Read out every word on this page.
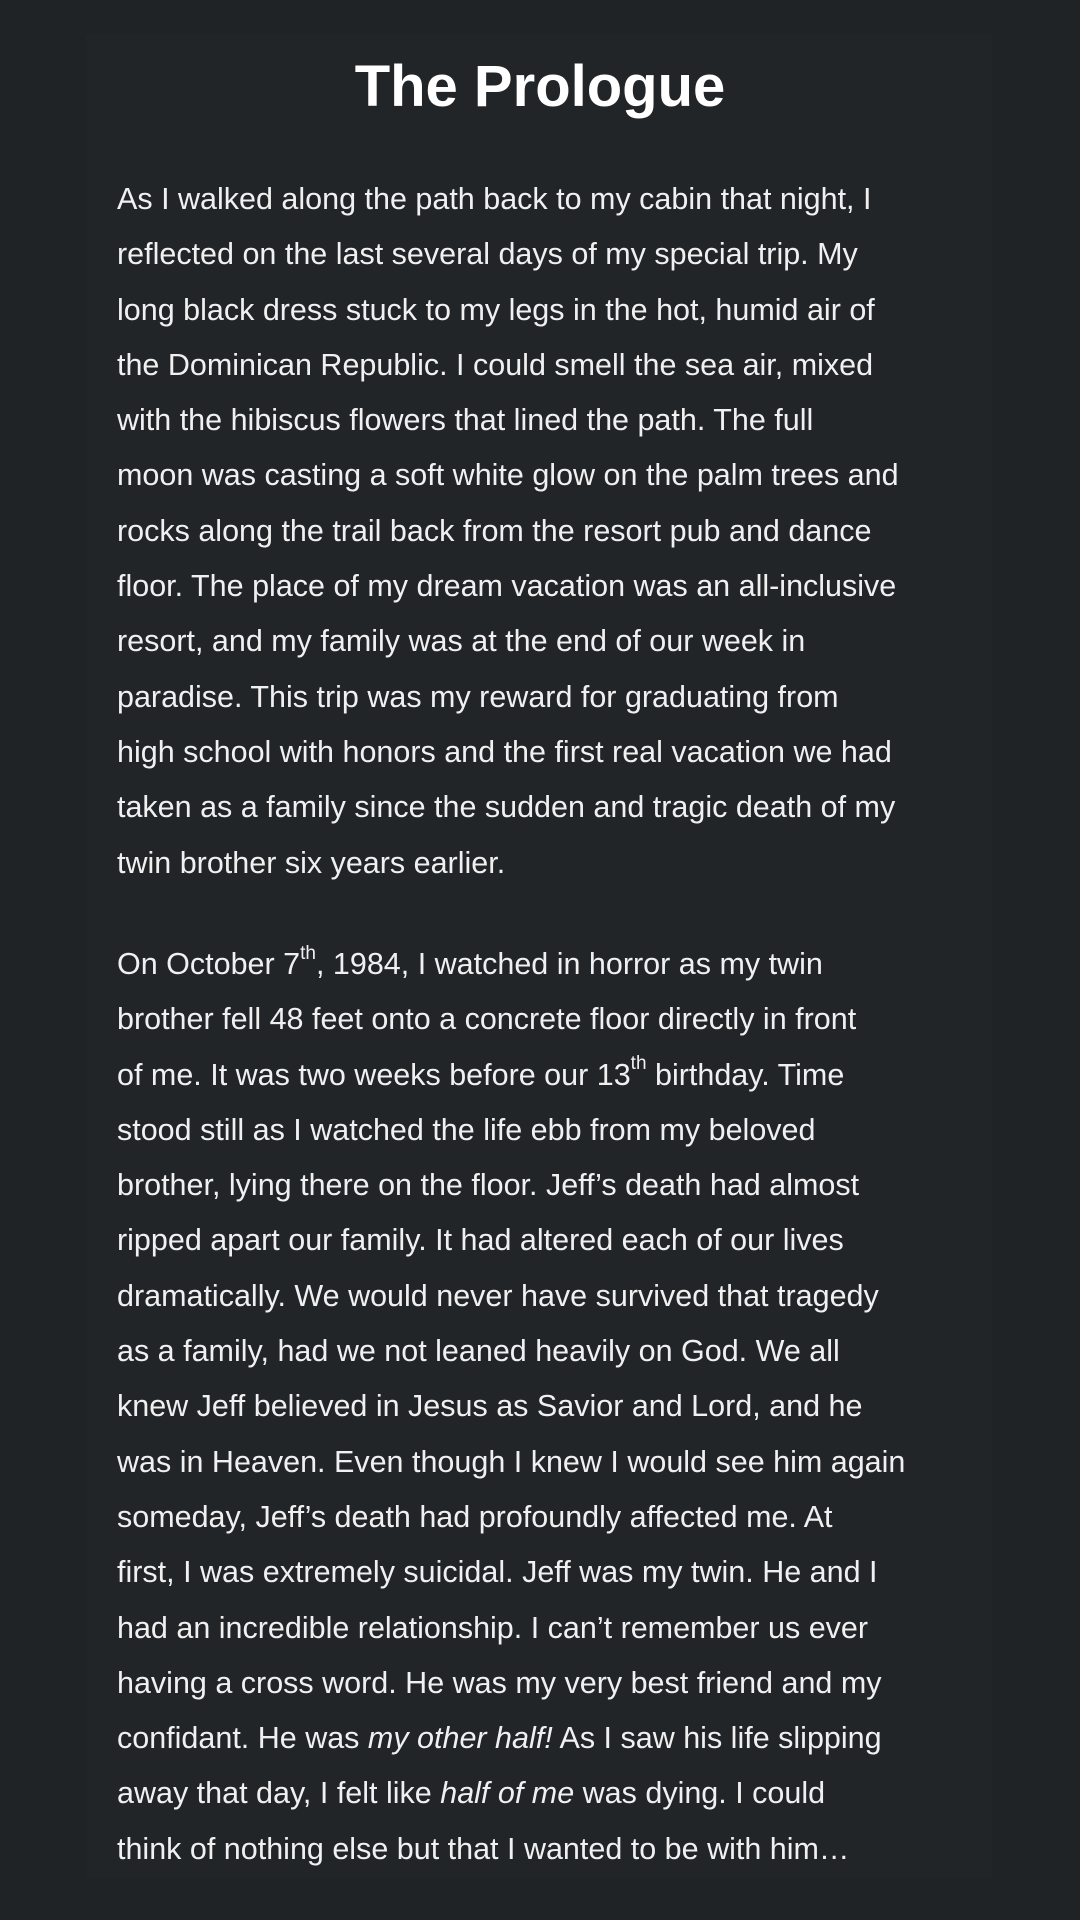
The Prologue
As I walked along the path back to my cabin that night, I
reflected on the last several days of my special trip. My
long black dress stuck to my legs in the hot, humid air of
the Dominican Republic. I could smell the sea air, mixed
with the hibiscus flowers that lined the path. The full
moon was casting a soft white glow on the palm trees and
rocks along the trail back from the resort pub and dance
floor. The place of my dream vacation was an all-inclusive
resort, and my family was at the end of our week in
paradise. This trip was my reward for graduating from
high school with honors and the first real vacation we had
taken as a family since the sudden and tragic death of my
twin brother six years earlier.
On October 7th, 1984, I watched in horror as my twin
brother fell 48 feet onto a concrete floor directly in front
of me. It was two weeks before our 13th birthday. Time
stood still as I watched the life ebb from my beloved
brother, lying there on the floor. Jeff’s death had almost
ripped apart our family. It had altered each of our lives
dramatically. We would never have survived that tragedy
as a family, had we not leaned heavily on God. We all
knew Jeff believed in Jesus as Savior and Lord, and he
was in Heaven. Even though I knew I would see him again
someday, Jeff’s death had profoundly affected me. At
first, I was extremely suicidal. Jeff was my twin. He and I
had an incredible relationship. I can’t remember us ever
having a cross word. He was my very best friend and my
confidant. He was my other half! As I saw his life slipping
away that day, I felt like half of me was dying. I could
think of nothing else but that I wanted to be with him…
